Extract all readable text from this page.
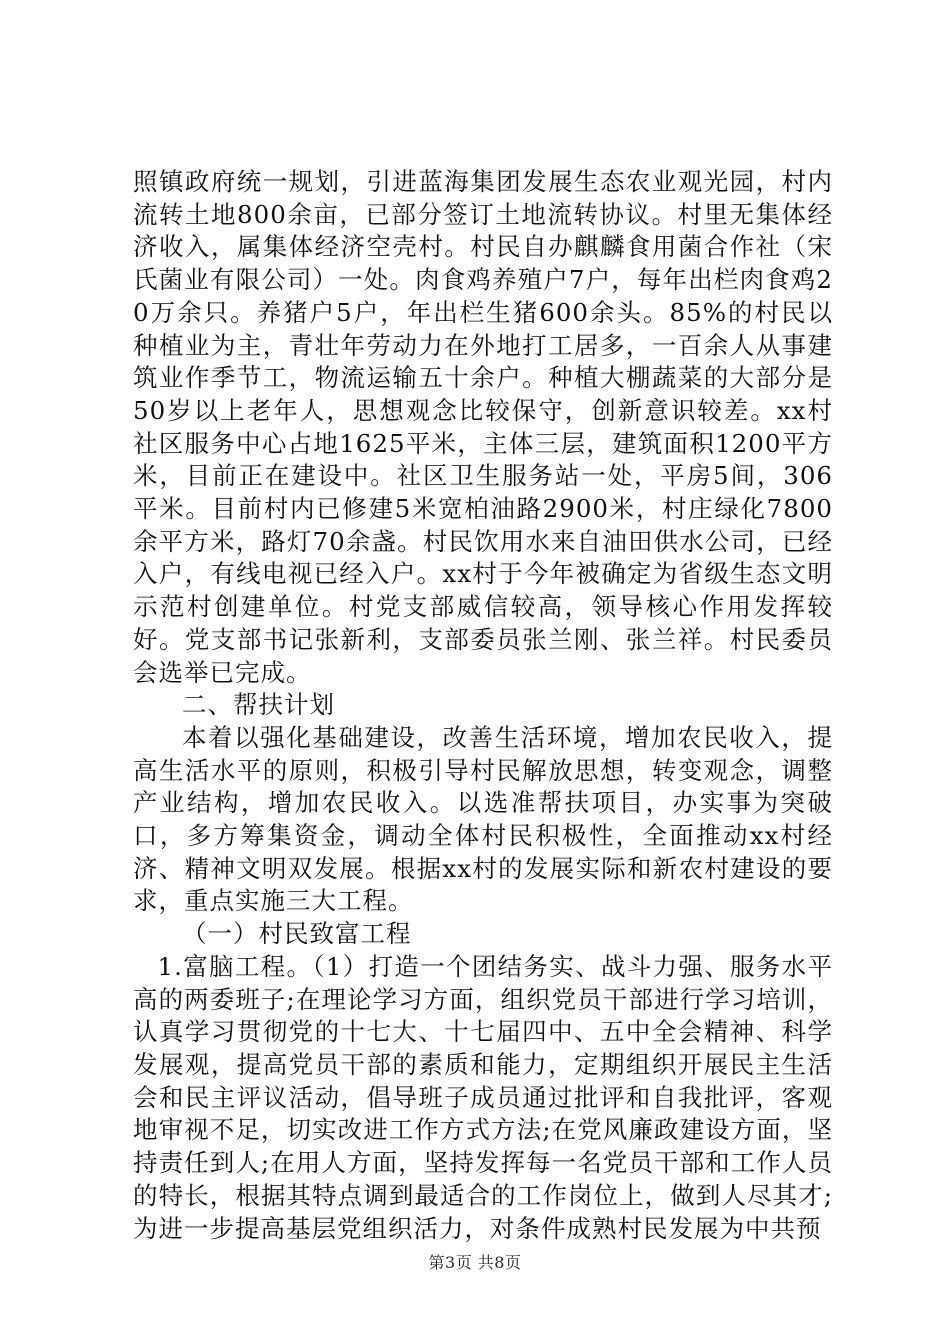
照镇政府统一规划，引进蓝海集团发展生态农业观光园，村内流转土地800余亩，已部分签订土地流转协议。村里无集体经济收入，属集体经济空壳村。村民自办麒麟食用菌合作社（宋氏菌业有限公司）一处。肉食鸡养殖户7户，每年出栏肉食鸡20万余只。养猪户5户，年出栏生猪600余头。85%的村民以种植业为主，青壮年劳动力在外地打工居多，一百余人从事建筑业作季节工，物流运输五十余户。种植大棚蔬菜的大部分是50岁以上老年人，思想观念比较保守，创新意识较差。xx村社区服务中心占地1625平米，主体三层，建筑面积1200平方米，目前正在建设中。社区卫生服务站一处，平房5间，306平米。目前村内已修建5米宽柏油路2900米，村庄绿化7800余平方米，路灯70余盏。村民饮用水来自油田供水公司，已经入户，有线电视已经入户。xx村于今年被确定为省级生态文明示范村创建单位。村党支部威信较高，领导核心作用发挥较好。党支部书记张新利，支部委员张兰刚、张兰祥。村民委员会选举已完成。

二、帮扶计划

本着以强化基础建设，改善生活环境，增加农民收入，提高生活水平的原则，积极引导村民解放思想，转变观念，调整产业结构，增加农民收入。以选准帮扶项目，办实事为突破口，多方筹集资金，调动全体村民积极性，全面推动xx村经济、精神文明双发展。根据xx村的发展实际和新农村建设的要求，重点实施三大工程。

（一）村民致富工程

1.富脑工程。（1）打造一个团结务实、战斗力强、服务水平高的两委班子;在理论学习方面，组织党员干部进行学习培训，认真学习贯彻党的十七大、十七届四中、五中全会精神、科学发展观，提高党员干部的素质和能力，定期组织开展民主生活会和民主评议活动，倡导班子成员通过批评和自我批评，客观地审视不足，切实改进工作方式方法;在党风廉政建设方面，坚持责任到人;在用人方面，坚持发挥每一名党员干部和工作人员的特长，根据其特点调到最适合的工作岗位上，做到人尽其才;为进一步提高基层党组织活力，对条件成熟村民发展为中共预

第3页 共8页
